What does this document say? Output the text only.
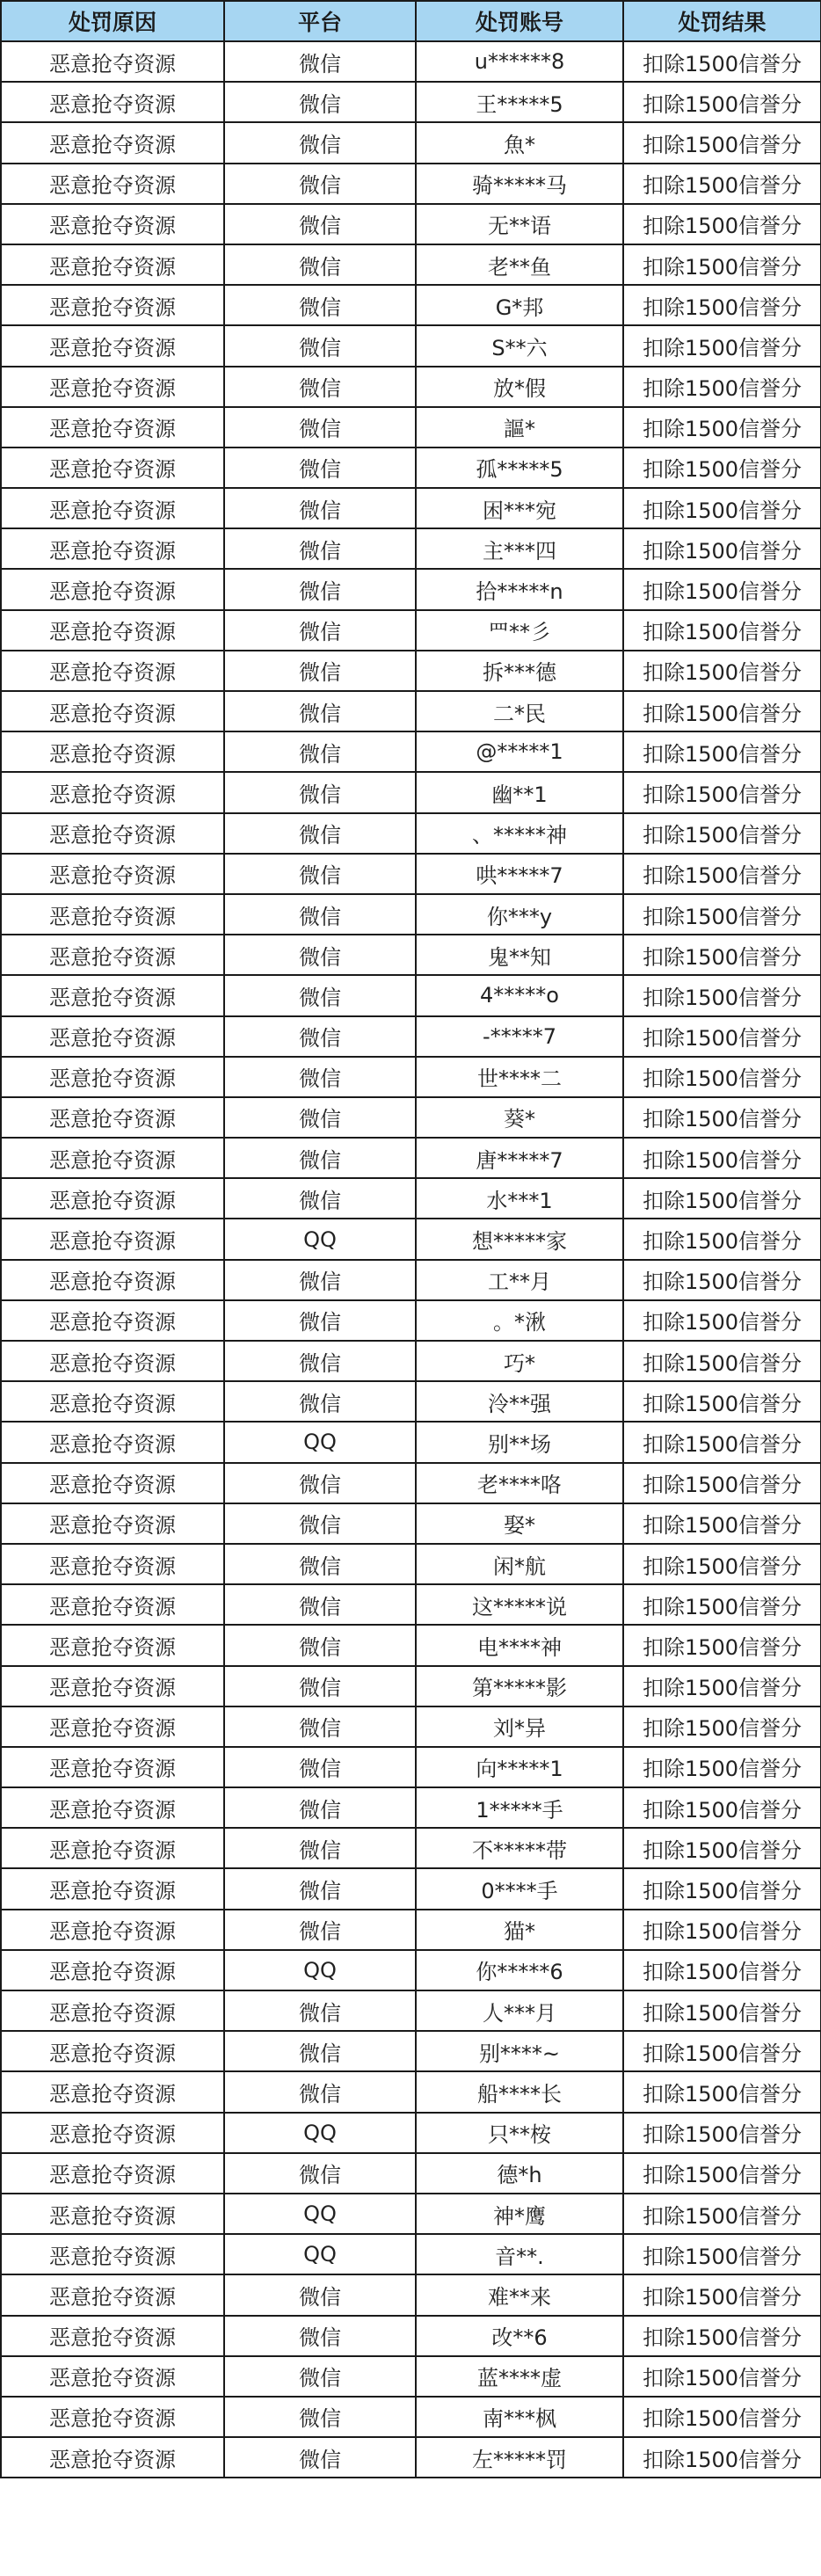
处罚原因	平台	处罚账号	处罚结果
恶意抢夺资源	微信	u******8	扣除1500信誉分
恶意抢夺资源	微信	王*****5	扣除1500信誉分
恶意抢夺资源	微信	魚*	扣除1500信誉分
恶意抢夺资源	微信	骑*****马	扣除1500信誉分
恶意抢夺资源	微信	无**语	扣除1500信誉分
恶意抢夺资源	微信	老**鱼	扣除1500信誉分
恶意抢夺资源	微信	G*邦	扣除1500信誉分
恶意抢夺资源	微信	S**六	扣除1500信誉分
恶意抢夺资源	微信	放*假	扣除1500信誉分
恶意抢夺资源	微信	謳*	扣除1500信誉分
恶意抢夺资源	微信	孤*****5	扣除1500信誉分
恶意抢夺资源	微信	困***宛	扣除1500信誉分
恶意抢夺资源	微信	主***四	扣除1500信誉分
恶意抢夺资源	微信	拾*****n	扣除1500信誉分
恶意抢夺资源	微信	罒**彡	扣除1500信誉分
恶意抢夺资源	微信	拆***德	扣除1500信誉分
恶意抢夺资源	微信	二*民	扣除1500信誉分
恶意抢夺资源	微信	@*****1	扣除1500信誉分
恶意抢夺资源	微信	幽**1	扣除1500信誉分
恶意抢夺资源	微信	、*****神	扣除1500信誉分
恶意抢夺资源	微信	哄*****7	扣除1500信誉分
恶意抢夺资源	微信	你***y	扣除1500信誉分
恶意抢夺资源	微信	鬼**知	扣除1500信誉分
恶意抢夺资源	微信	4*****o	扣除1500信誉分
恶意抢夺资源	微信	-*****7	扣除1500信誉分
恶意抢夺资源	微信	世****二	扣除1500信誉分
恶意抢夺资源	微信	葵*	扣除1500信誉分
恶意抢夺资源	微信	唐*****7	扣除1500信誉分
恶意抢夺资源	微信	水***1	扣除1500信誉分
恶意抢夺资源	QQ	想*****家	扣除1500信誉分
恶意抢夺资源	微信	工**月	扣除1500信誉分
恶意抢夺资源	微信	。*湫	扣除1500信誉分
恶意抢夺资源	微信	巧*	扣除1500信誉分
恶意抢夺资源	微信	泠**强	扣除1500信誉分
恶意抢夺资源	QQ	别**场	扣除1500信誉分
恶意抢夺资源	微信	老****咯	扣除1500信誉分
恶意抢夺资源	微信	娶*	扣除1500信誉分
恶意抢夺资源	微信	闲*航	扣除1500信誉分
恶意抢夺资源	微信	这*****说	扣除1500信誉分
恶意抢夺资源	微信	电****神	扣除1500信誉分
恶意抢夺资源	微信	第*****影	扣除1500信誉分
恶意抢夺资源	微信	刘*异	扣除1500信誉分
恶意抢夺资源	微信	向*****1	扣除1500信誉分
恶意抢夺资源	微信	1*****手	扣除1500信誉分
恶意抢夺资源	微信	不*****带	扣除1500信誉分
恶意抢夺资源	微信	0****手	扣除1500信誉分
恶意抢夺资源	微信	猫*	扣除1500信誉分
恶意抢夺资源	QQ	你*****6	扣除1500信誉分
恶意抢夺资源	微信	人***月	扣除1500信誉分
恶意抢夺资源	微信	别****~	扣除1500信誉分
恶意抢夺资源	微信	船****长	扣除1500信誉分
恶意抢夺资源	QQ	只**桉	扣除1500信誉分
恶意抢夺资源	微信	德*h	扣除1500信誉分
恶意抢夺资源	QQ	神*鹰	扣除1500信誉分
恶意抢夺资源	QQ	音**.	扣除1500信誉分
恶意抢夺资源	微信	难**来	扣除1500信誉分
恶意抢夺资源	微信	改**6	扣除1500信誉分
恶意抢夺资源	微信	蓝****虚	扣除1500信誉分
恶意抢夺资源	微信	南***枫	扣除1500信誉分
恶意抢夺资源	微信	左*****罚	扣除1500信誉分
